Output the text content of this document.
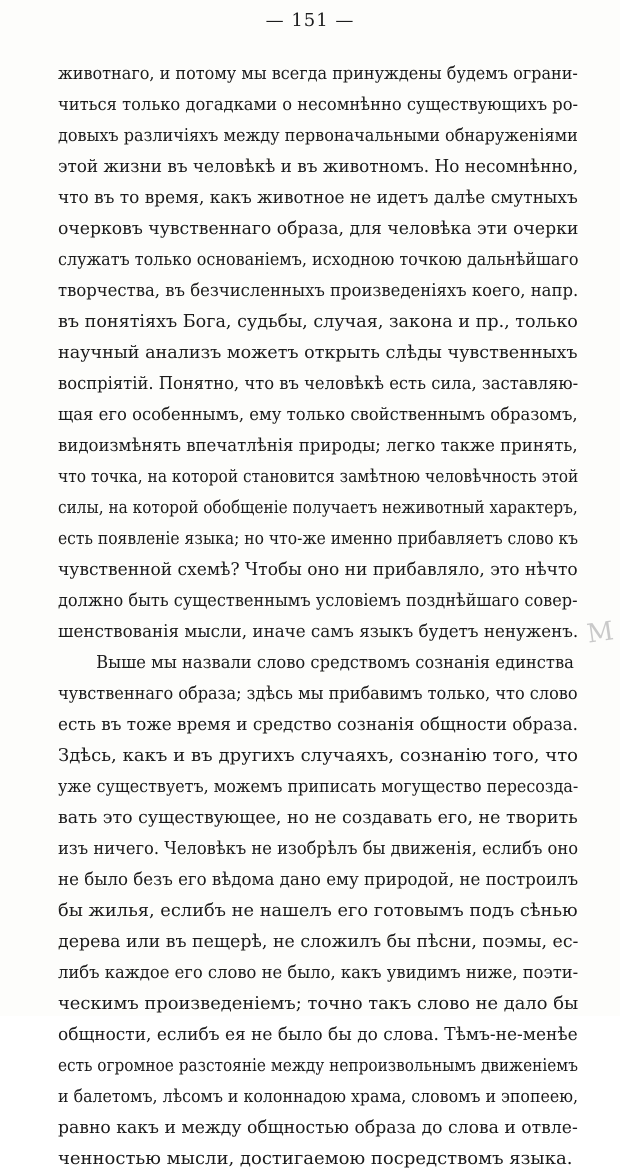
— 151 —
животнаго, и потому мы всегда принуждены будемъ ограни-
читься только догадками о несомнѣнно существующихъ ро-
довыхъ различіяхъ между первоначальными обнаруженіями
этой жизни въ человѣкѣ и въ животномъ. Но несомнѣнно,
что въ то время, какъ животное не идетъ далѣе смутныхъ
очерковъ чувственнаго образа, для человѣка эти очерки
служатъ только основаніемъ, исходною точкою дальнѣйшаго
творчества, въ безчисленныхъ произведеніяхъ коего, напр.
въ понятіяхъ Бога, судьбы, случая, закона и пр., только
научный анализъ можетъ открыть слѣды чувственныхъ
воспріятій. Понятно, что въ человѣкѣ есть сила, заставляю-
щая его особеннымъ, ему только свойственнымъ образомъ,
видоизмѣнять впечатлѣнія природы; легко также принять,
что точка, на которой становится замѣтною человѣчность этой
силы, на которой обобщеніе получаетъ неживотный характеръ,
есть появленіе языка; но что-же именно прибавляетъ слово къ
чувственной схемѣ? Чтобы оно ни прибавляло, это нѣчто
должно быть существеннымъ условіемъ позднѣйшаго совер-
шенствованія мысли, иначе самъ языкъ будетъ ненуженъ.
Выше мы назвали слово средствомъ сознанія единства
чувственнаго образа; здѣсь мы прибавимъ только, что слово
есть въ тоже время и средство сознанія общности образа.
Здѣсь, какъ и въ другихъ случаяхъ, сознанію того, что
уже существуетъ, можемъ приписать могущество пересозда-
вать это существующее, но не создавать его, не творить
изъ ничего. Человѣкъ не изобрѣлъ бы движенія, еслибъ оно
не было безъ его вѣдома дано ему природой, не построилъ
бы жилья, еслибъ не нашелъ его готовымъ подъ сѣнью
дерева или въ пещерѣ, не сложилъ бы пѣсни, поэмы, ес-
либъ каждое его слово не было, какъ увидимъ ниже, поэти-
ческимъ произведеніемъ; точно такъ слово не дало бы
общности, еслибъ ея не было бы до слова. Тѣмъ-не-менѣе
есть огромное разстояніе между непроизвольнымъ движеніемъ
и балетомъ, лѣсомъ и колоннадою храма, словомъ и эпопеею,
равно какъ и между общностью образа до слова и отвле-
ченностью мысли, достигаемою посредствомъ языка.
М
